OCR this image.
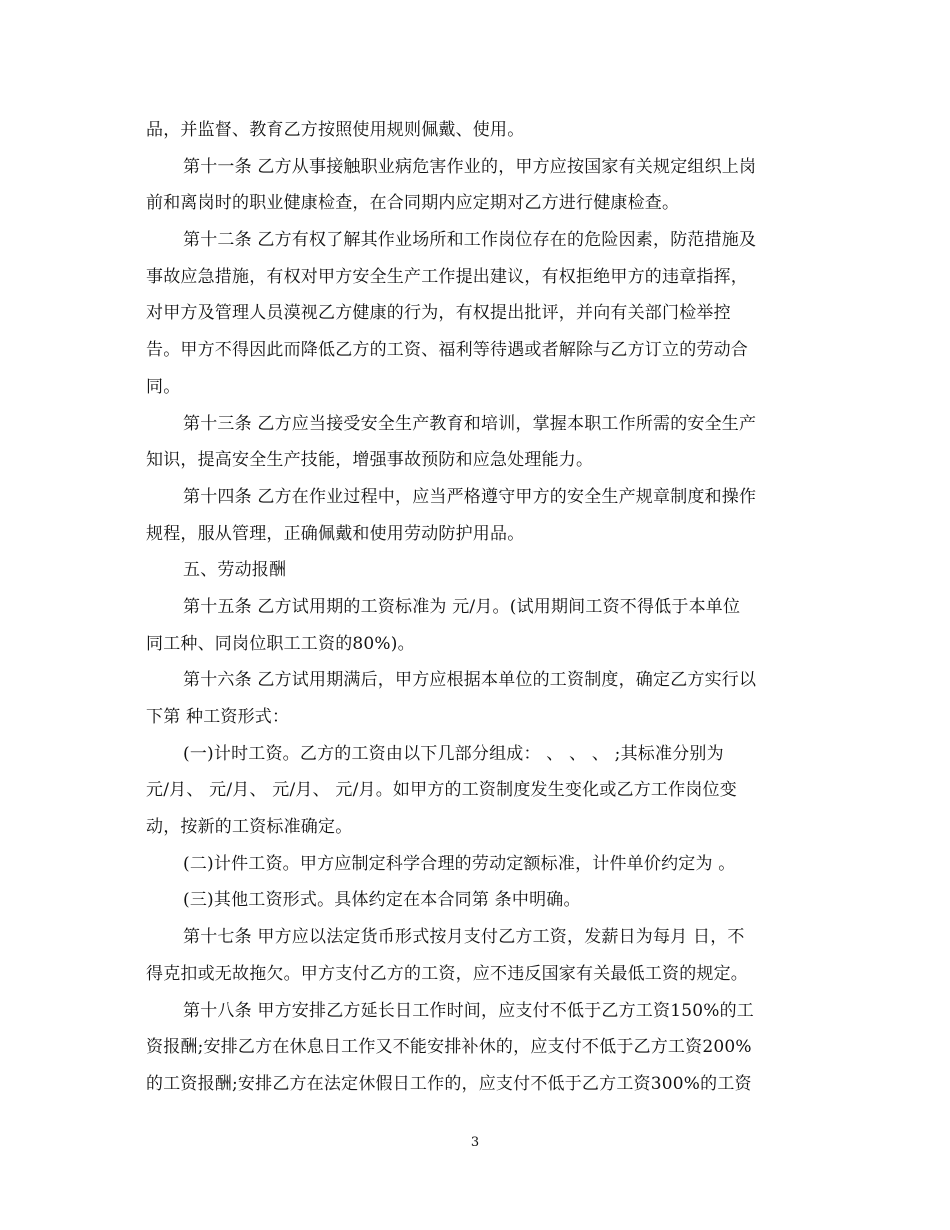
品，并监督、教育乙方按照使用规则佩戴、使用。
第十一条 乙方从事接触职业病危害作业的，甲方应按国家有关规定组织上岗
前和离岗时的职业健康检查，在合同期内应定期对乙方进行健康检查。
第十二条 乙方有权了解其作业场所和工作岗位存在的危险因素，防范措施及
事故应急措施，有权对甲方安全生产工作提出建议，有权拒绝甲方的违章指挥，
对甲方及管理人员漠视乙方健康的行为，有权提出批评，并向有关部门检举控
告。甲方不得因此而降低乙方的工资、福利等待遇或者解除与乙方订立的劳动合
同。
第十三条 乙方应当接受安全生产教育和培训，掌握本职工作所需的安全生产
知识，提高安全生产技能，增强事故预防和应急处理能力。
第十四条 乙方在作业过程中，应当严格遵守甲方的安全生产规章制度和操作
规程，服从管理，正确佩戴和使用劳动防护用品。
五、劳动报酬
第十五条 乙方试用期的工资标准为 元/月。(试用期间工资不得低于本单位
同工种、同岗位职工工资的80%)。
第十六条 乙方试用期满后，甲方应根据本单位的工资制度，确定乙方实行以
下第 种工资形式：
(一)计时工资。乙方的工资由以下几部分组成： 、 、 、 ;其标准分别为
元/月、 元/月、 元/月、 元/月。如甲方的工资制度发生变化或乙方工作岗位变
动，按新的工资标准确定。
(二)计件工资。甲方应制定科学合理的劳动定额标准，计件单价约定为 。
(三)其他工资形式。具体约定在本合同第 条中明确。
第十七条 甲方应以法定货币形式按月支付乙方工资，发薪日为每月 日，不
得克扣或无故拖欠。甲方支付乙方的工资，应不违反国家有关最低工资的规定。
第十八条 甲方安排乙方延长日工作时间，应支付不低于乙方工资150%的工
资报酬;安排乙方在休息日工作又不能安排补休的，应支付不低于乙方工资200%
的工资报酬;安排乙方在法定休假日工作的，应支付不低于乙方工资300%的工资
3
